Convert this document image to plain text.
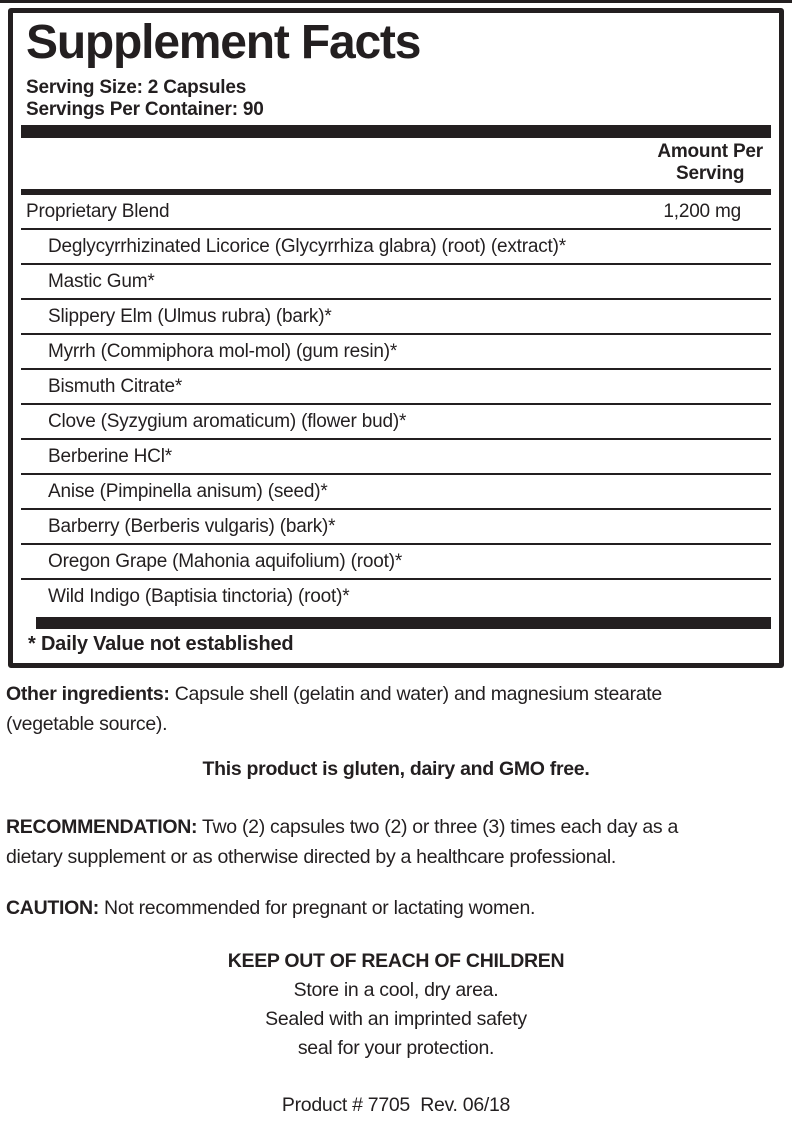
Supplement Facts
Serving Size: 2 Capsules
Servings Per Container: 90
Amount Per
Serving
Proprietary Blend	1,200 mg
Deglycyrrhizinated Licorice (Glycyrrhiza glabra) (root) (extract)*
Mastic Gum*
Slippery Elm (Ulmus rubra) (bark)*
Myrrh (Commiphora mol-mol) (gum resin)*
Bismuth Citrate*
Clove (Syzygium aromaticum) (flower bud)*
Berberine HCl*
Anise (Pimpinella anisum) (seed)*
Barberry (Berberis vulgaris) (bark)*
Oregon Grape (Mahonia aquifolium) (root)*
Wild Indigo (Baptisia tinctoria) (root)*
* Daily Value not established
Other ingredients: Capsule shell (gelatin and water) and magnesium stearate
(vegetable source).
This product is gluten, dairy and GMO free.
RECOMMENDATION: Two (2) capsules two (2) or three (3) times each day as a
dietary supplement or as otherwise directed by a healthcare professional.
CAUTION: Not recommended for pregnant or lactating women.
KEEP OUT OF REACH OF CHILDREN
Store in a cool, dry area.
Sealed with an imprinted safety
seal for your protection.
Product # 7705  Rev. 06/18
